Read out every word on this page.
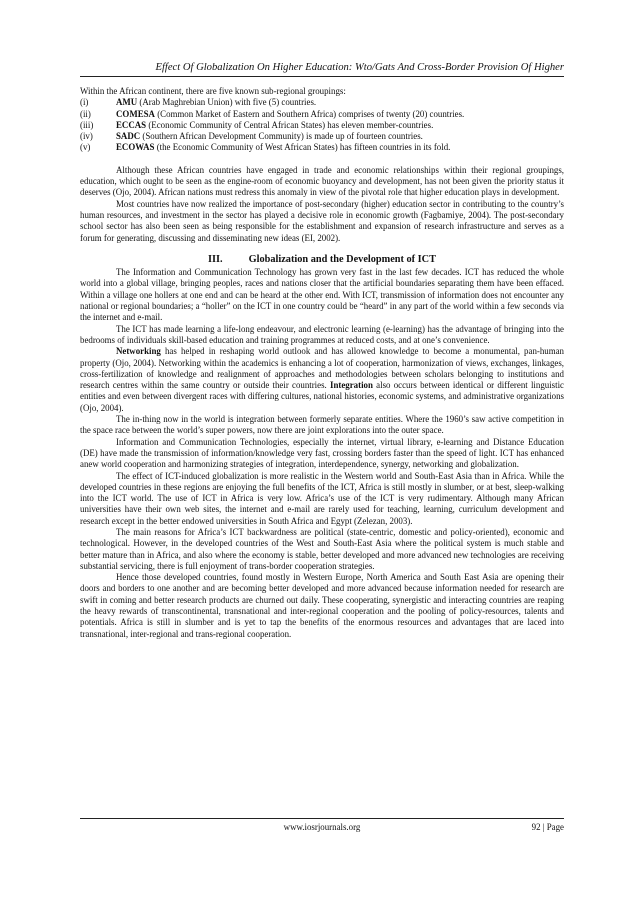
Effect Of Globalization On Higher Education: Wto/Gats And Cross-Border Provision Of Higher

Within the African continent, there are five known sub-regional groupings:

(i)	AMU (Arab Maghrebian Union) with five (5) countries.
(ii)	COMESA (Common Market of Eastern and Southern Africa) comprises of twenty (20) countries.
(iii)	ECCAS (Economic Community of Central African States) has eleven member-countries.
(iv)	SADC (Southern African Development Community) is made up of fourteen countries.
(v)	ECOWAS (the Economic Community of West African States) has fifteen countries in its fold.

Although these African countries have engaged in trade and economic relationships within their regional groupings, education, which ought to be seen as the engine-room of economic buoyancy and development, has not been given the priority status it deserves (Ojo, 2004). African nations must redress this anomaly in view of the pivotal role that higher education plays in development.

Most countries have now realized the importance of post-secondary (higher) education sector in contributing to the country’s human resources, and investment in the sector has played a decisive role in economic growth (Fagbamiye, 2004). The post-secondary school sector has also been seen as being responsible for the establishment and expansion of research infrastructure and serves as a forum for generating, discussing and disseminating new ideas (EI, 2002).

III.	Globalization and the Development of ICT

The Information and Communication Technology has grown very fast in the last few decades. ICT has reduced the whole world into a global village, bringing peoples, races and nations closer that the artificial boundaries separating them have been effaced. Within a village one hollers at one end and can be heard at the other end. With ICT, transmission of information does not encounter any national or regional boundaries; a “holler” on the ICT in one country could be “heard” in any part of the world within a few seconds via the internet and e-mail.

The ICT has made learning a life-long endeavour, and electronic learning (e-learning) has the advantage of bringing into the bedrooms of individuals skill-based education and training programmes at reduced costs, and at one’s convenience.

Networking has helped in reshaping world outlook and has allowed knowledge to become a monumental, pan-human property (Ojo, 2004). Networking within the academics is enhancing a lot of cooperation, harmonization of views, exchanges, linkages, cross-fertilization of knowledge and realignment of approaches and methodologies between scholars belonging to institutions and research centres within the same country or outside their countries. Integration also occurs between identical or different linguistic entities and even between divergent races with differing cultures, national histories, economic systems, and administrative organizations (Ojo, 2004).

The in-thing now in the world is integration between formerly separate entities. Where the 1960’s saw active competition in the space race between the world’s super powers, now there are joint explorations into the outer space.

Information and Communication Technologies, especially the internet, virtual library, e-learning and Distance Education (DE) have made the transmission of information/knowledge very fast, crossing borders faster than the speed of light. ICT has enhanced anew world cooperation and harmonizing strategies of integration, interdependence, synergy, networking and globalization.

The effect of ICT-induced globalization is more realistic in the Western world and South-East Asia than in Africa. While the developed countries in these regions are enjoying the full benefits of the ICT, Africa is still mostly in slumber, or at best, sleep-walking into the ICT world. The use of ICT in Africa is very low. Africa’s use of the ICT is very rudimentary. Although many African universities have their own web sites, the internet and e-mail are rarely used for teaching, learning, curriculum development and research except in the better endowed universities in South Africa and Egypt (Zelezan, 2003).

The main reasons for Africa’s ICT backwardness are political (state-centric, domestic and policy-oriented), economic and technological. However, in the developed countries of the West and South-East Asia where the political system is much stable and better mature than in Africa, and also where the economy is stable, better developed and more advanced new technologies are receiving substantial servicing, there is full enjoyment of trans-border cooperation strategies.

Hence those developed countries, found mostly in Western Europe, North America and South East Asia are opening their doors and borders to one another and are becoming better developed and more advanced because information needed for research are swift in coming and better research products are churned out daily. These cooperating, synergistic and interacting countries are reaping the heavy rewards of transcontinental, transnational and inter-regional cooperation and the pooling of policy-resources, talents and potentials. Africa is still in slumber and is yet to tap the benefits of the enormous resources and advantages that are laced into transnational, inter-regional and trans-regional cooperation.

www.iosrjournals.org	92 | Page
